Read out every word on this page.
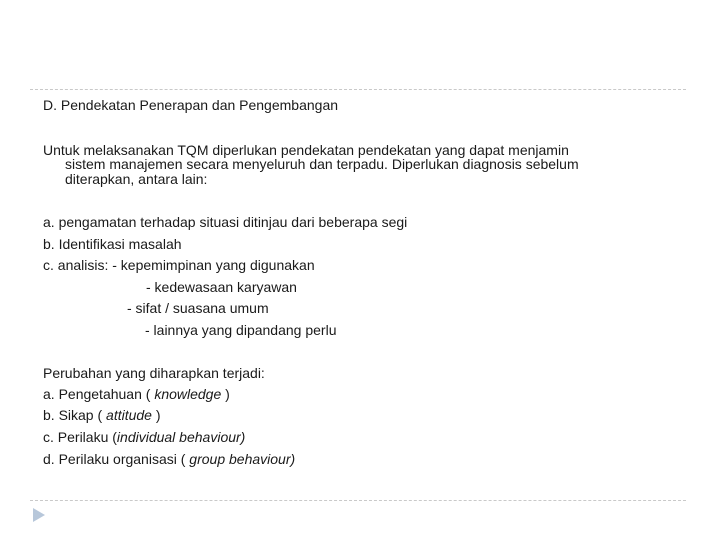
D. Pendekatan Penerapan dan Pengembangan
Untuk melaksanakan TQM diperlukan pendekatan pendekatan yang dapat menjamin
sistem manajemen secara menyeluruh dan terpadu. Diperlukan diagnosis sebelum
diterapkan, antara lain:
a. pengamatan terhadap situasi ditinjau dari beberapa segi
b. Identifikasi masalah
c. analisis: - kepemimpinan yang digunakan
- kedewasaan karyawan
- sifat / suasana umum
- lainnya yang dipandang perlu
Perubahan yang diharapkan terjadi:
a. Pengetahuan ( knowledge )
b. Sikap ( attitude )
c. Perilaku (individual behaviour)
d. Perilaku organisasi ( group behaviour)
